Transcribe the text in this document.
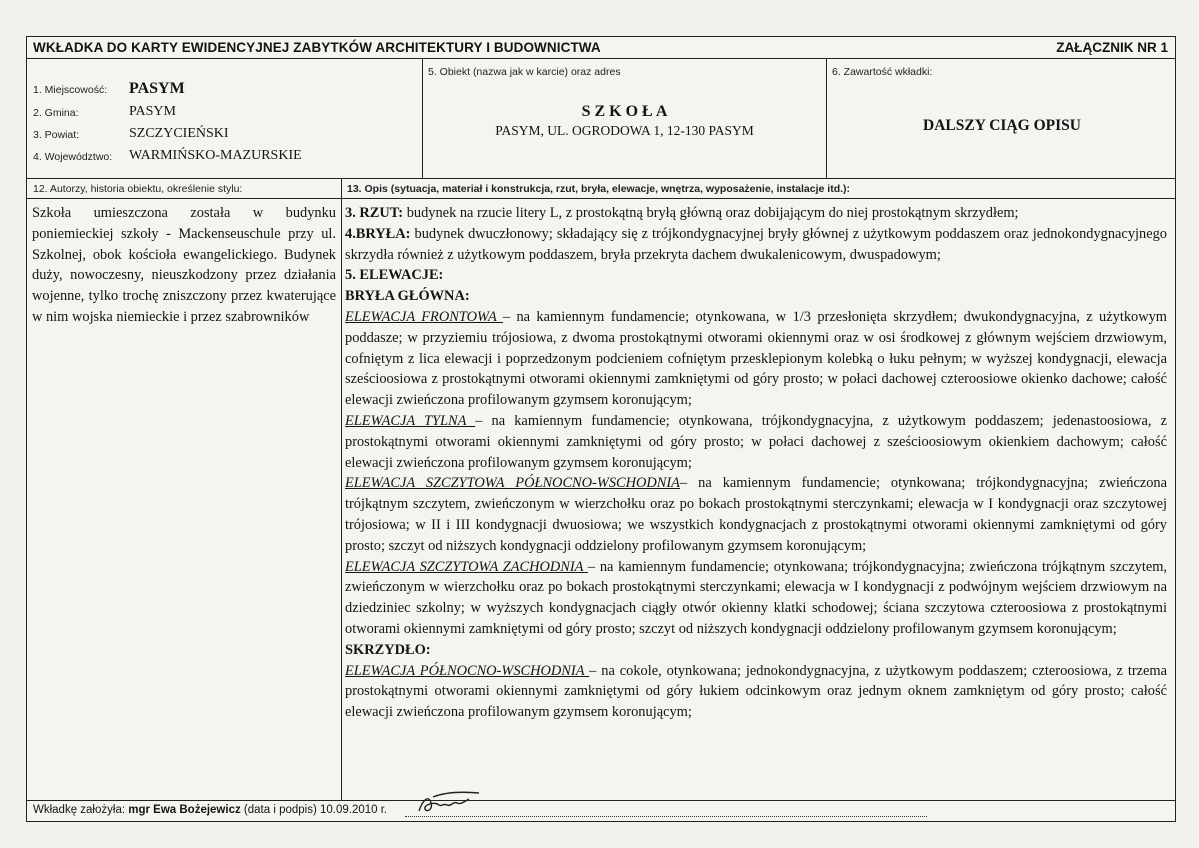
WKŁADKA DO KARTY EWIDENCYJNEJ ZABYTKÓW ARCHITEKTURY I BUDOWNICTWA	ZAŁĄCZNIK NR 1
1. Miejscowość: PASYM
2. Gmina:	PASYM
3. Powiat:	SZCZYCIEŃSKI
4. Województwo: WARMIŃSKO-MAZURSKIE
5. Obiekt (nazwa jak w karcie) oraz adres
S Z K O Ł A
PASYM, UL. OGRODOWA 1, 12-130 PASYM
6. Zawartość wkładki:
DALSZY CIĄG OPISU
12. Autorzy, historia obiektu, określenie stylu:	13. Opis (sytuacja, materiał i konstrukcja, rzut, bryła, elewacje, wnętrza, wyposażenie, instalacje itd.):
Szkoła umieszczona została w budynku poniemieckiej szkoły - Mackenseuschule przy ul. Szkolnej, obok kościoła ewangelickiego. Budynek duży, nowoczesny, nieuszkodzony przez działania wojenne, tylko trochę zniszczony przez kwaterujące w nim wojska niemieckie i przez szabrowników

3. RZUT: budynek na rzucie litery L, z prostokątną bryłą główną oraz dobijającym do niej prostokątnym skrzydłem;

4.BRYŁA: budynek dwuczłonowy; składający się z trójkondygnacyjnej bryły głównej z użytkowym poddaszem oraz jednokondygnacyjnego skrzydła również z użytkowym poddaszem, bryła przekryta dachem dwukalenicowym, dwuspadowym;

5. ELEWACJE:

BRYŁA GŁÓWNA:

ELEWACJA FRONTOWA – na kamiennym fundamencie; otynkowana, w 1/3 przesłonięta skrzydłem; dwukondygnacyjna, z użytkowym poddasze; w przyziemiu trójosiowa, z dwoma prostokątnymi otworami okiennymi oraz w osi środkowej z głównym wejściem drzwiowym, cofniętym z lica elewacji i poprzedzonym podcieniem cofniętym przesklepionym kolebką o łuku pełnym; w wyższej kondygnacji, elewacja sześcioosiowa z prostokątnymi otworami okiennymi zamkniętymi od góry prosto; w połaci dachowej czteroosiowe okienko dachowe; całość elewacji zwieńczona profilowanym gzymsem koronującym;

ELEWACJA TYLNA – na kamiennym fundamencie; otynkowana, trójkondygnacyjna, z użytkowym poddaszem; jedenastoosiowa, z prostokątnymi otworami okiennymi zamkniętymi od góry prosto; w połaci dachowej z sześcioosiowym okienkiem dachowym; całość elewacji zwieńczona profilowanym gzymsem koronującym;

ELEWACJA SZCZYTOWA PÓŁNOCNO-WSCHODNIA– na kamiennym fundamencie; otynkowana; trójkondygnacyjna; zwieńczona trójkątnym szczytem, zwieńczonym w wierzchołku oraz po bokach prostokątnymi sterczynkami; elewacja w I kondygnacji oraz szczytowej trójosiowa; w II i III kondygnacji dwuosiowa; we wszystkich kondygnacjach z prostokątnymi otworami okiennymi zamkniętymi od góry prosto; szczyt od niższych kondygnacji oddzielony profilowanym gzymsem koronującym;

ELEWACJA SZCZYTOWA ZACHODNIA – na kamiennym fundamencie; otynkowana; trójkondygnacyjna; zwieńczona trójkątnym szczytem, zwieńczonym w wierzchołku oraz po bokach prostokątnymi sterczynkami; elewacja w I kondygnacji z podwójnym wejściem drzwiowym na dziedziniec szkolny; w wyższych kondygnacjach ciągły otwór okienny klatki schodowej; ściana szczytowa czteroosiowa z prostokątnymi otworami okiennymi zamkniętymi od góry prosto; szczyt od niższych kondygnacji oddzielony profilowanym gzymsem koronującym;

SKRZYDŁO:

ELEWACJA PÓŁNOCNO-WSCHODNIA – na cokole, otynkowana; jednokondygnacyjna, z użytkowym poddaszem; czteroosiowa, z trzema prostokątnymi otworami okiennymi zamkniętymi od góry łukiem odcinkowym oraz jednym oknem zamkniętym od góry prosto; całość elewacji zwieńczona profilowanym gzymsem koronującym;

Wkładkę założyła: mgr Ewa Bożejewicz (data i podpis) 10.09.2010 r.
